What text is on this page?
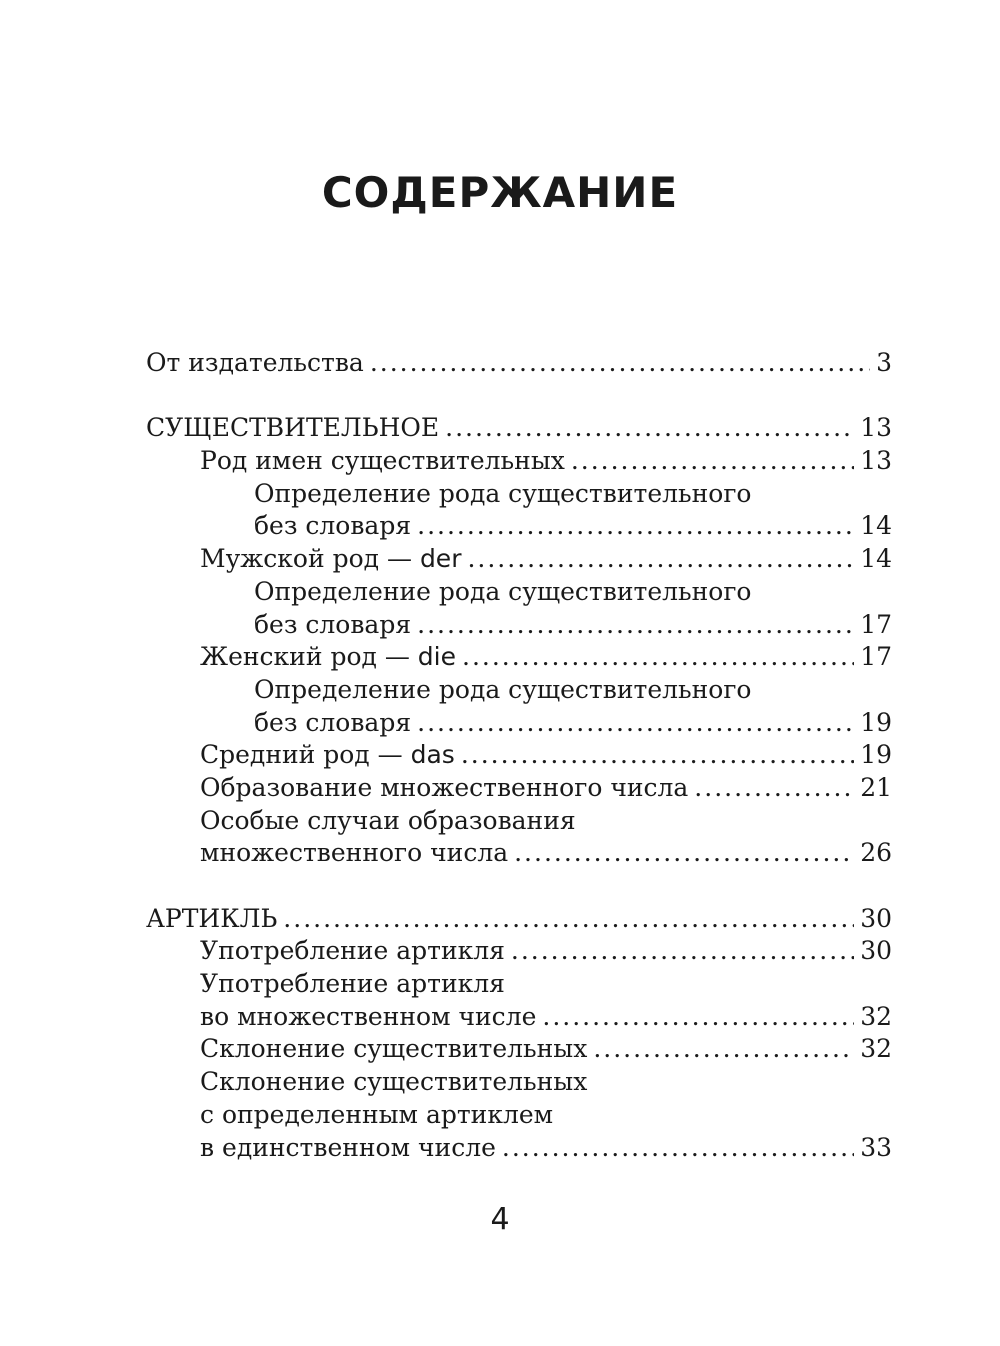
СОДЕРЖАНИЕ
От издательства .....	3
СУЩЕСТВИТЕЛЬНОЕ .....	13
Род имен существительных .....	13
Определение рода существительного
без словаря .....	14
Мужской род — der .....	14
Определение рода существительного
без словаря .....	17
Женский род — die .....	17
Определение рода существительного
без словаря .....	19
Средний род — das .....	19
Образование множественного числа .....	21
Особые случаи образования
множественного числа .....	26
АРТИКЛЬ .....	30
Употребление артикля .....	30
Употребление артикля
во множественном числе .....	32
Склонение существительных .....	32
Склонение существительных
с определенным артиклем
в единственном числе .....	33
4
